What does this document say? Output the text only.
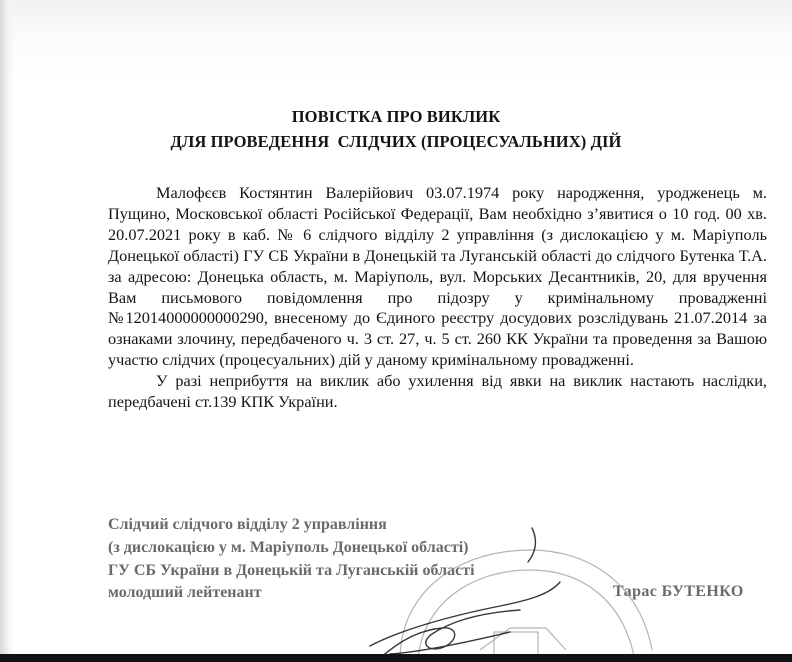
ПОВІСТКА ПРО ВИКЛИК
ДЛЯ ПРОВЕДЕННЯ  СЛІДЧИХ (ПРОЦЕСУАЛЬНИХ) ДІЙ

Малофєєв Костянтин Валерійович 03.07.1974 року народження, уродженець м. Пущино, Московської області Російської Федерації, Вам необхідно з’явитися о 10 год. 00 хв. 20.07.2021 року в каб. № 6 слідчого відділу 2 управління (з дислокацією у м. Маріуполь Донецької області) ГУ СБ України в Донецькій та Луганській області до слідчого Бутенка Т.А. за адресою: Донецька область, м. Маріуполь, вул. Морських Десантників, 20, для вручення Вам письмового повідомлення про підозру у кримінальному провадженні №12014000000000290, внесеному до Єдиного реєстру досудових розслідувань 21.07.2014 за ознаками злочину, передбаченого ч. 3 ст. 27, ч. 5 ст. 260 КК України та проведення за Вашою участю слідчих (процесуальних) дій у даному кримінальному провадженні.

У разі неприбуття на виклик або ухилення від явки на виклик настають наслідки, передбачені ст.139 КПК України.

Слідчий слідчого відділу 2 управління
(з дислокацією у м. Маріуполь Донецької області)
ГУ СБ України в Донецькій та Луганській області
молодший лейтенант	Тарас БУТЕНКО
